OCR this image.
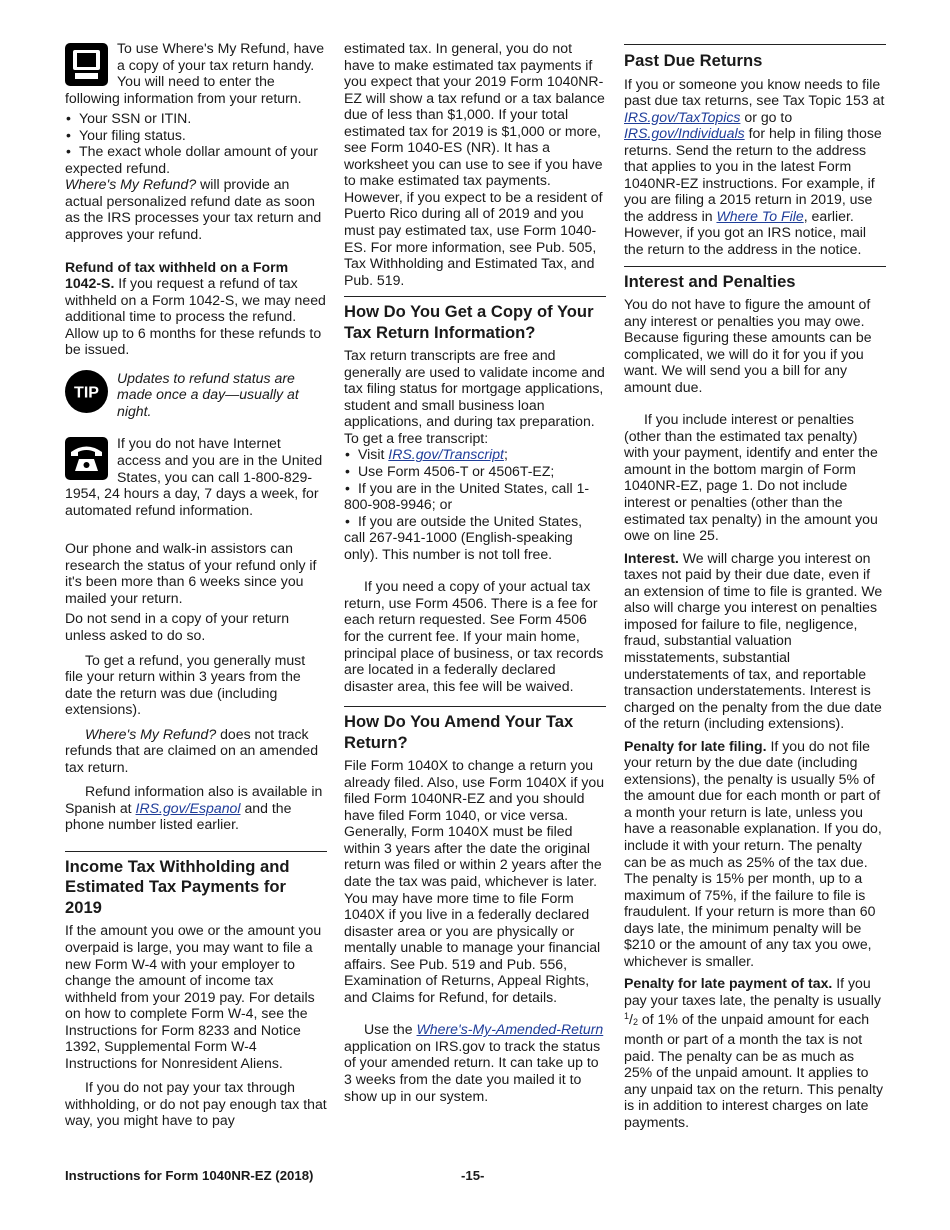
To use Where's My Refund, have a copy of your tax return handy. You will need to enter the following information from your return.

• Your SSN or ITIN.
• Your filing status.
• The exact whole dollar amount of your expected refund.

Where's My Refund? will provide an actual personalized refund date as soon as the IRS processes your tax return and approves your refund.

Refund of tax withheld on a Form 1042-S. If you request a refund of tax withheld on a Form 1042-S, we may need additional time to process the refund. Allow up to 6 months for these refunds to be issued.

TIP

Updates to refund status are made once a day—usually at night.

If you do not have Internet access and you are in the United States, you can call 1-800-829-1954, 24 hours a day, 7 days a week, for automated refund information.

Our phone and walk-in assistors can research the status of your refund only if it's been more than 6 weeks since you mailed your return.

Do not send in a copy of your return unless asked to do so.

To get a refund, you generally must file your return within 3 years from the date the return was due (including extensions).

Where's My Refund? does not track refunds that are claimed on an amended tax return.

Refund information also is available in Spanish at IRS.gov/Espanol and the phone number listed earlier.

Income Tax Withholding and Estimated Tax Payments for 2019

If the amount you owe or the amount you overpaid is large, you may want to file a new Form W-4 with your employer to change the amount of income tax withheld from your 2019 pay. For details on how to complete Form W-4, see the Instructions for Form 8233 and Notice 1392, Supplemental Form W-4 Instructions for Nonresident Aliens.

If you do not pay your tax through withholding, or do not pay enough tax that way, you might have to pay

estimated tax. In general, you do not have to make estimated tax payments if you expect that your 2019 Form 1040NR-EZ will show a tax refund or a tax balance due of less than $1,000. If your total estimated tax for 2019 is $1,000 or more, see Form 1040-ES (NR). It has a worksheet you can use to see if you have to make estimated tax payments. However, if you expect to be a resident of Puerto Rico during all of 2019 and you must pay estimated tax, use Form 1040-ES. For more information, see Pub. 505, Tax Withholding and Estimated Tax, and Pub. 519.

How Do You Get a Copy of Your Tax Return Information?

Tax return transcripts are free and generally are used to validate income and tax filing status for mortgage applications, student and small business loan applications, and during tax preparation. To get a free transcript:

• Visit IRS.gov/Transcript;
• Use Form 4506-T or 4506T-EZ;
• If you are in the United States, call 1-800-908-9946; or
• If you are outside the United States, call 267-941-1000 (English-speaking only). This number is not toll free.

If you need a copy of your actual tax return, use Form 4506. There is a fee for each return requested. See Form 4506 for the current fee. If your main home, principal place of business, or tax records are located in a federally declared disaster area, this fee will be waived.

How Do You Amend Your Tax Return?

File Form 1040X to change a return you already filed. Also, use Form 1040X if you filed Form 1040NR-EZ and you should have filed Form 1040, or vice versa. Generally, Form 1040X must be filed within 3 years after the date the original return was filed or within 2 years after the date the tax was paid, whichever is later. You may have more time to file Form 1040X if you live in a federally declared disaster area or you are physically or mentally unable to manage your financial affairs. See Pub. 519 and Pub. 556, Examination of Returns, Appeal Rights, and Claims for Refund, for details.

Use the Where's-My-Amended-Return application on IRS.gov to track the status of your amended return. It can take up to 3 weeks from the date you mailed it to show up in our system.

Past Due Returns

If you or someone you know needs to file past due tax returns, see Tax Topic 153 at IRS.gov/TaxTopics or go to IRS.gov/Individuals for help in filing those returns. Send the return to the address that applies to you in the latest Form 1040NR-EZ instructions. For example, if you are filing a 2015 return in 2019, use the address in Where To File, earlier. However, if you got an IRS notice, mail the return to the address in the notice.

Interest and Penalties

You do not have to figure the amount of any interest or penalties you may owe. Because figuring these amounts can be complicated, we will do it for you if you want. We will send you a bill for any amount due.

If you include interest or penalties (other than the estimated tax penalty) with your payment, identify and enter the amount in the bottom margin of Form 1040NR-EZ, page 1. Do not include interest or penalties (other than the estimated tax penalty) in the amount you owe on line 25.

Interest. We will charge you interest on taxes not paid by their due date, even if an extension of time to file is granted. We also will charge you interest on penalties imposed for failure to file, negligence, fraud, substantial valuation misstatements, substantial understatements of tax, and reportable transaction understatements. Interest is charged on the penalty from the due date of the return (including extensions).

Penalty for late filing. If you do not file your return by the due date (including extensions), the penalty is usually 5% of the amount due for each month or part of a month your return is late, unless you have a reasonable explanation. If you do, include it with your return. The penalty can be as much as 25% of the tax due. The penalty is 15% per month, up to a maximum of 75%, if the failure to file is fraudulent. If your return is more than 60 days late, the minimum penalty will be $210 or the amount of any tax you owe, whichever is smaller.

Penalty for late payment of tax. If you pay your taxes late, the penalty is usually $^1$/2 of 1% of the unpaid amount for each month or part of a month the tax is not paid. The penalty can be as much as 25% of the unpaid amount. It applies to any unpaid tax on the return. This penalty is in addition to interest charges on late payments.

Instructions for Form 1040NR-EZ (2018)	-15-
